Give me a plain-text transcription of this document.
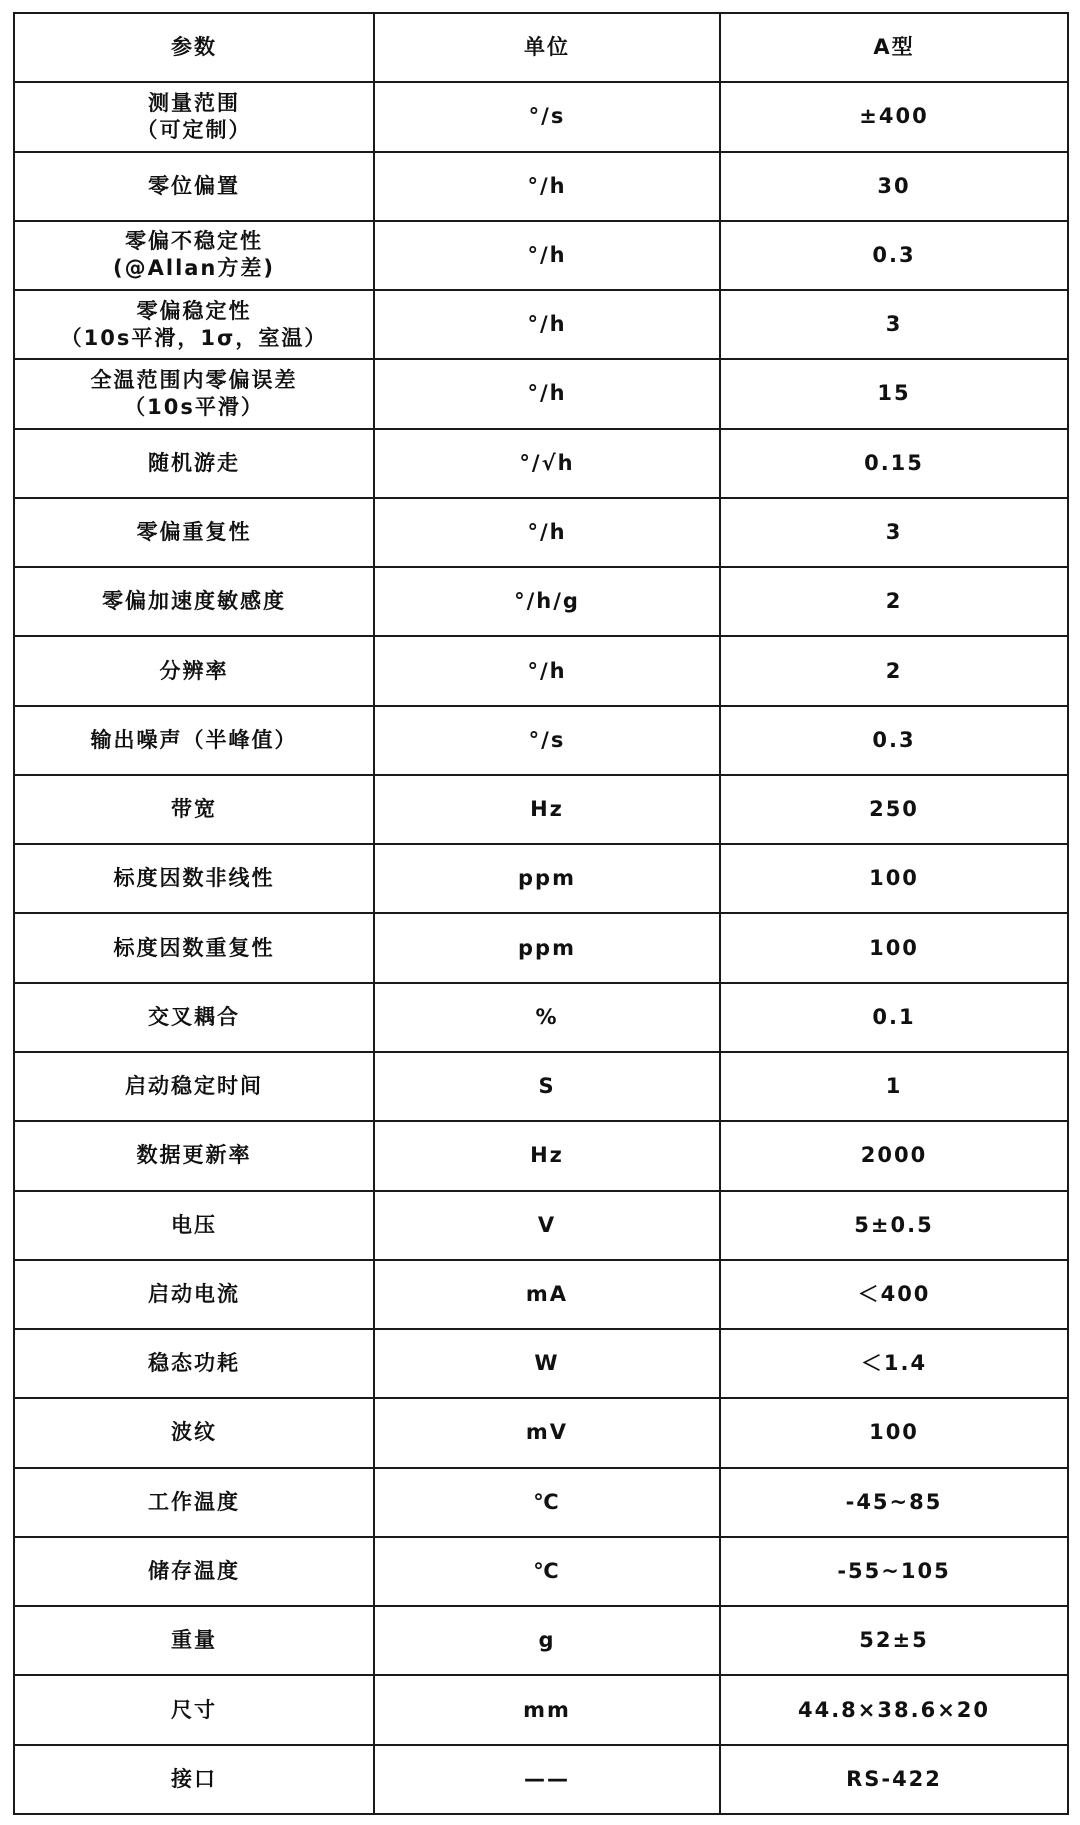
参数	单位	A型

测量范围
（可定制）	°/s	±400

零位偏置	°/h	30

零偏不稳定性
(@Allan方差)	°/h	0.3

零偏稳定性
（10s平滑，1σ，室温）	°/h	3

全温范围内零偏误差
（10s平滑）	°/h	15

随机游走	°/√h	0.15

零偏重复性	°/h	3

零偏加速度敏感度	°/h/g	2

分辨率	°/h	2

输出噪声（半峰值）	°/s	0.3

带宽	Hz	250

标度因数非线性	ppm	100

标度因数重复性	ppm	100

交叉耦合	%	0.1

启动稳定时间	S	1

数据更新率	Hz	2000

电压	V	5±0.5

启动电流	mA	＜400

稳态功耗	W	＜1.4

波纹	mV	100

工作温度	℃	-45~85

储存温度	℃	-55~105

重量	g	52±5

尺寸	mm	44.8×38.6×20

接口	——	RS-422
